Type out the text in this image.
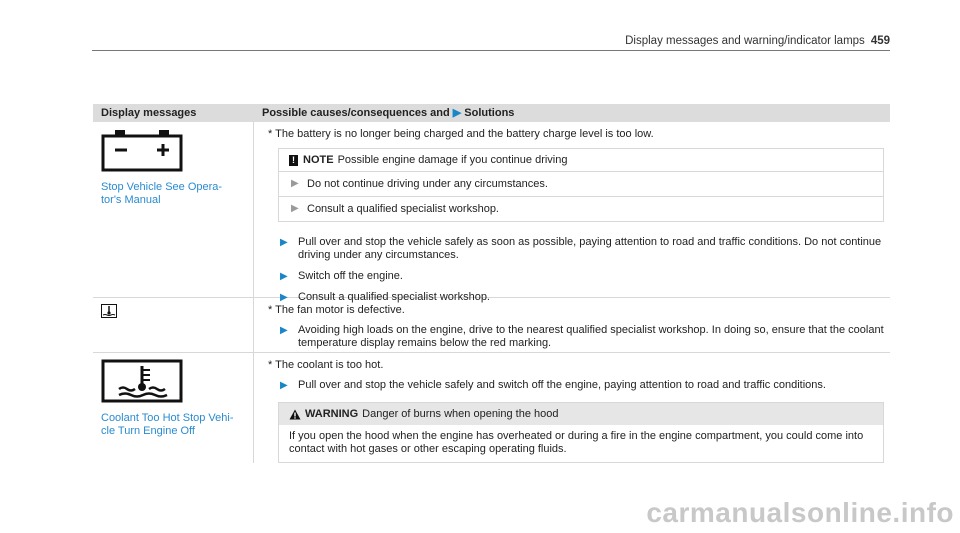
Display messages and warning/indicator lamps 459
Display messages	Possible causes/consequences and ▶ Solutions
Stop Vehicle See Opera-
tor's Manual
* The battery is no longer being charged and the battery charge level is too low.
! NOTE Possible engine damage if you continue driving
▶ Do not continue driving under any circumstances.
▶ Consult a qualified specialist workshop.
▶ Pull over and stop the vehicle safely as soon as possible, paying attention to road and traffic conditions. Do not continue driving under any circumstances.
▶ Switch off the engine.
▶ Consult a qualified specialist workshop.
* The fan motor is defective.
▶ Avoiding high loads on the engine, drive to the nearest qualified specialist workshop. In doing so, ensure that the coolant temperature display remains below the red marking.
Coolant Too Hot Stop Vehi-
cle Turn Engine Off
* The coolant is too hot.
▶ Pull over and stop the vehicle safely and switch off the engine, paying attention to road and traffic conditions.
WARNING Danger of burns when opening the hood
If you open the hood when the engine has overheated or during a fire in the engine compartment, you could come into contact with hot gases or other escaping operating fluids.
carmanualsonline.info
